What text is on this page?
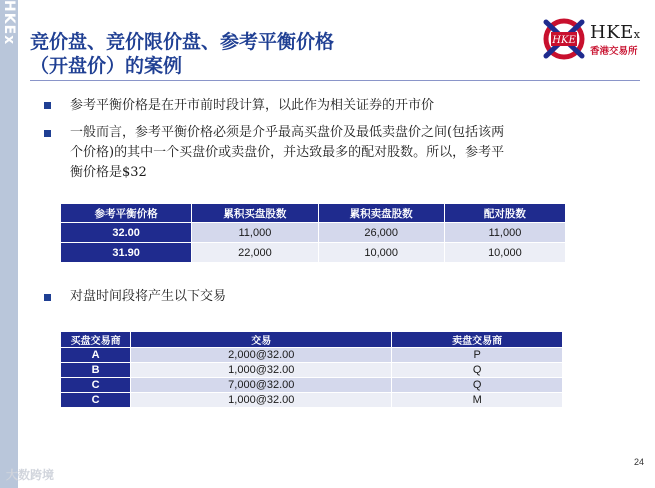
HKEx 竞价盘、竞价限价盘、参考平衡价格
（开盘价）的案例
HKE HKEx
香港交易所
参考平衡价格是在开市前时段计算，以此作为相关证券的开市价
一般而言，参考平衡价格必须是介乎最高买盘价及最低卖盘价之间(包括该两
个价格)的其中一个买盘价或卖盘价，并达致最多的配对股数。所以，参考平
衡价格是$32
参考平衡价格	累积买盘股数	累积卖盘股数	配对股数
32.00	11,000	26,000	11,000
31.90	22,000	10,000	10,000
对盘时间段将产生以下交易
买盘交易商	交易	卖盘交易商
A	2,000@32.00	P
B	1,000@32.00	Q
C	7,000@32.00	Q
C	1,000@32.00	M
24
大数跨境
